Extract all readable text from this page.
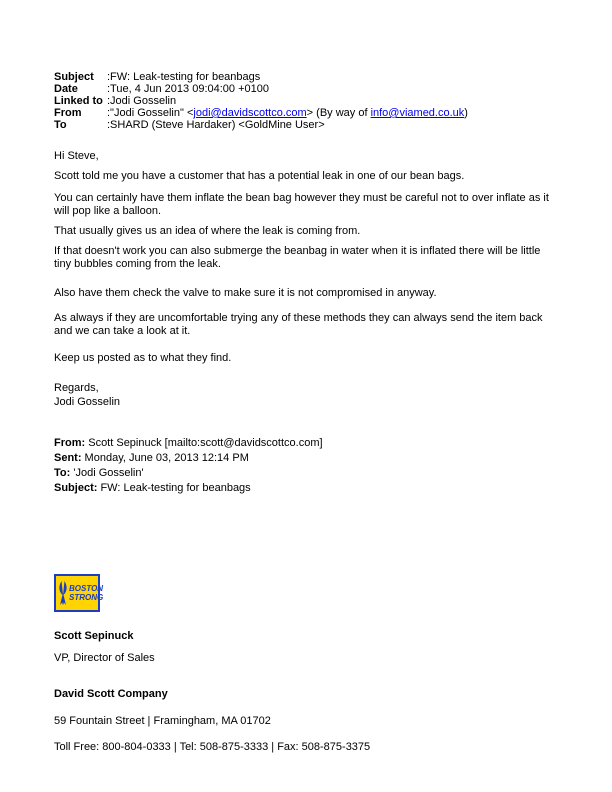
Subject	:FW: Leak-testing for beanbags
Date	:Tue, 4 Jun 2013 09:04:00 +0100
Linked to :Jodi Gosselin
From	:"Jodi Gosselin" <jodi@davidscottco.com> (By way of info@viamed.co.uk)
To	:SHARD (Steve Hardaker) <GoldMine User>
Hi Steve,

Scott told me you have a customer that has a potential leak in one of our bean bags.

You can certainly have them inflate the bean bag however they must be careful not to over inflate as it will pop like a balloon.

That usually gives us an idea of where the leak is coming from.

If that doesn't work you can also submerge the beanbag in water when it is inflated there will be little tiny bubbles coming from the leak.

Also have them check the valve to make sure it is not compromised in anyway.

As always if they are uncomfortable trying any of these methods they can always send the item back and we can take a look at it.

Keep us posted as to what they find.

Regards,

Jodi Gosselin

From: Scott Sepinuck [mailto:scott@davidscottco.com]
Sent: Monday, June 03, 2013 12:14 PM
To: 'Jodi Gosselin'
Subject: FW: Leak-testing for beanbags
BOSTON
STRONG
Scott Sepinuck
VP, Director of Sales
David Scott Company
59 Fountain Street | Framingham, MA 01702
Toll Free: 800-804-0333 | Tel: 508-875-3333 | Fax: 508-875-3375
